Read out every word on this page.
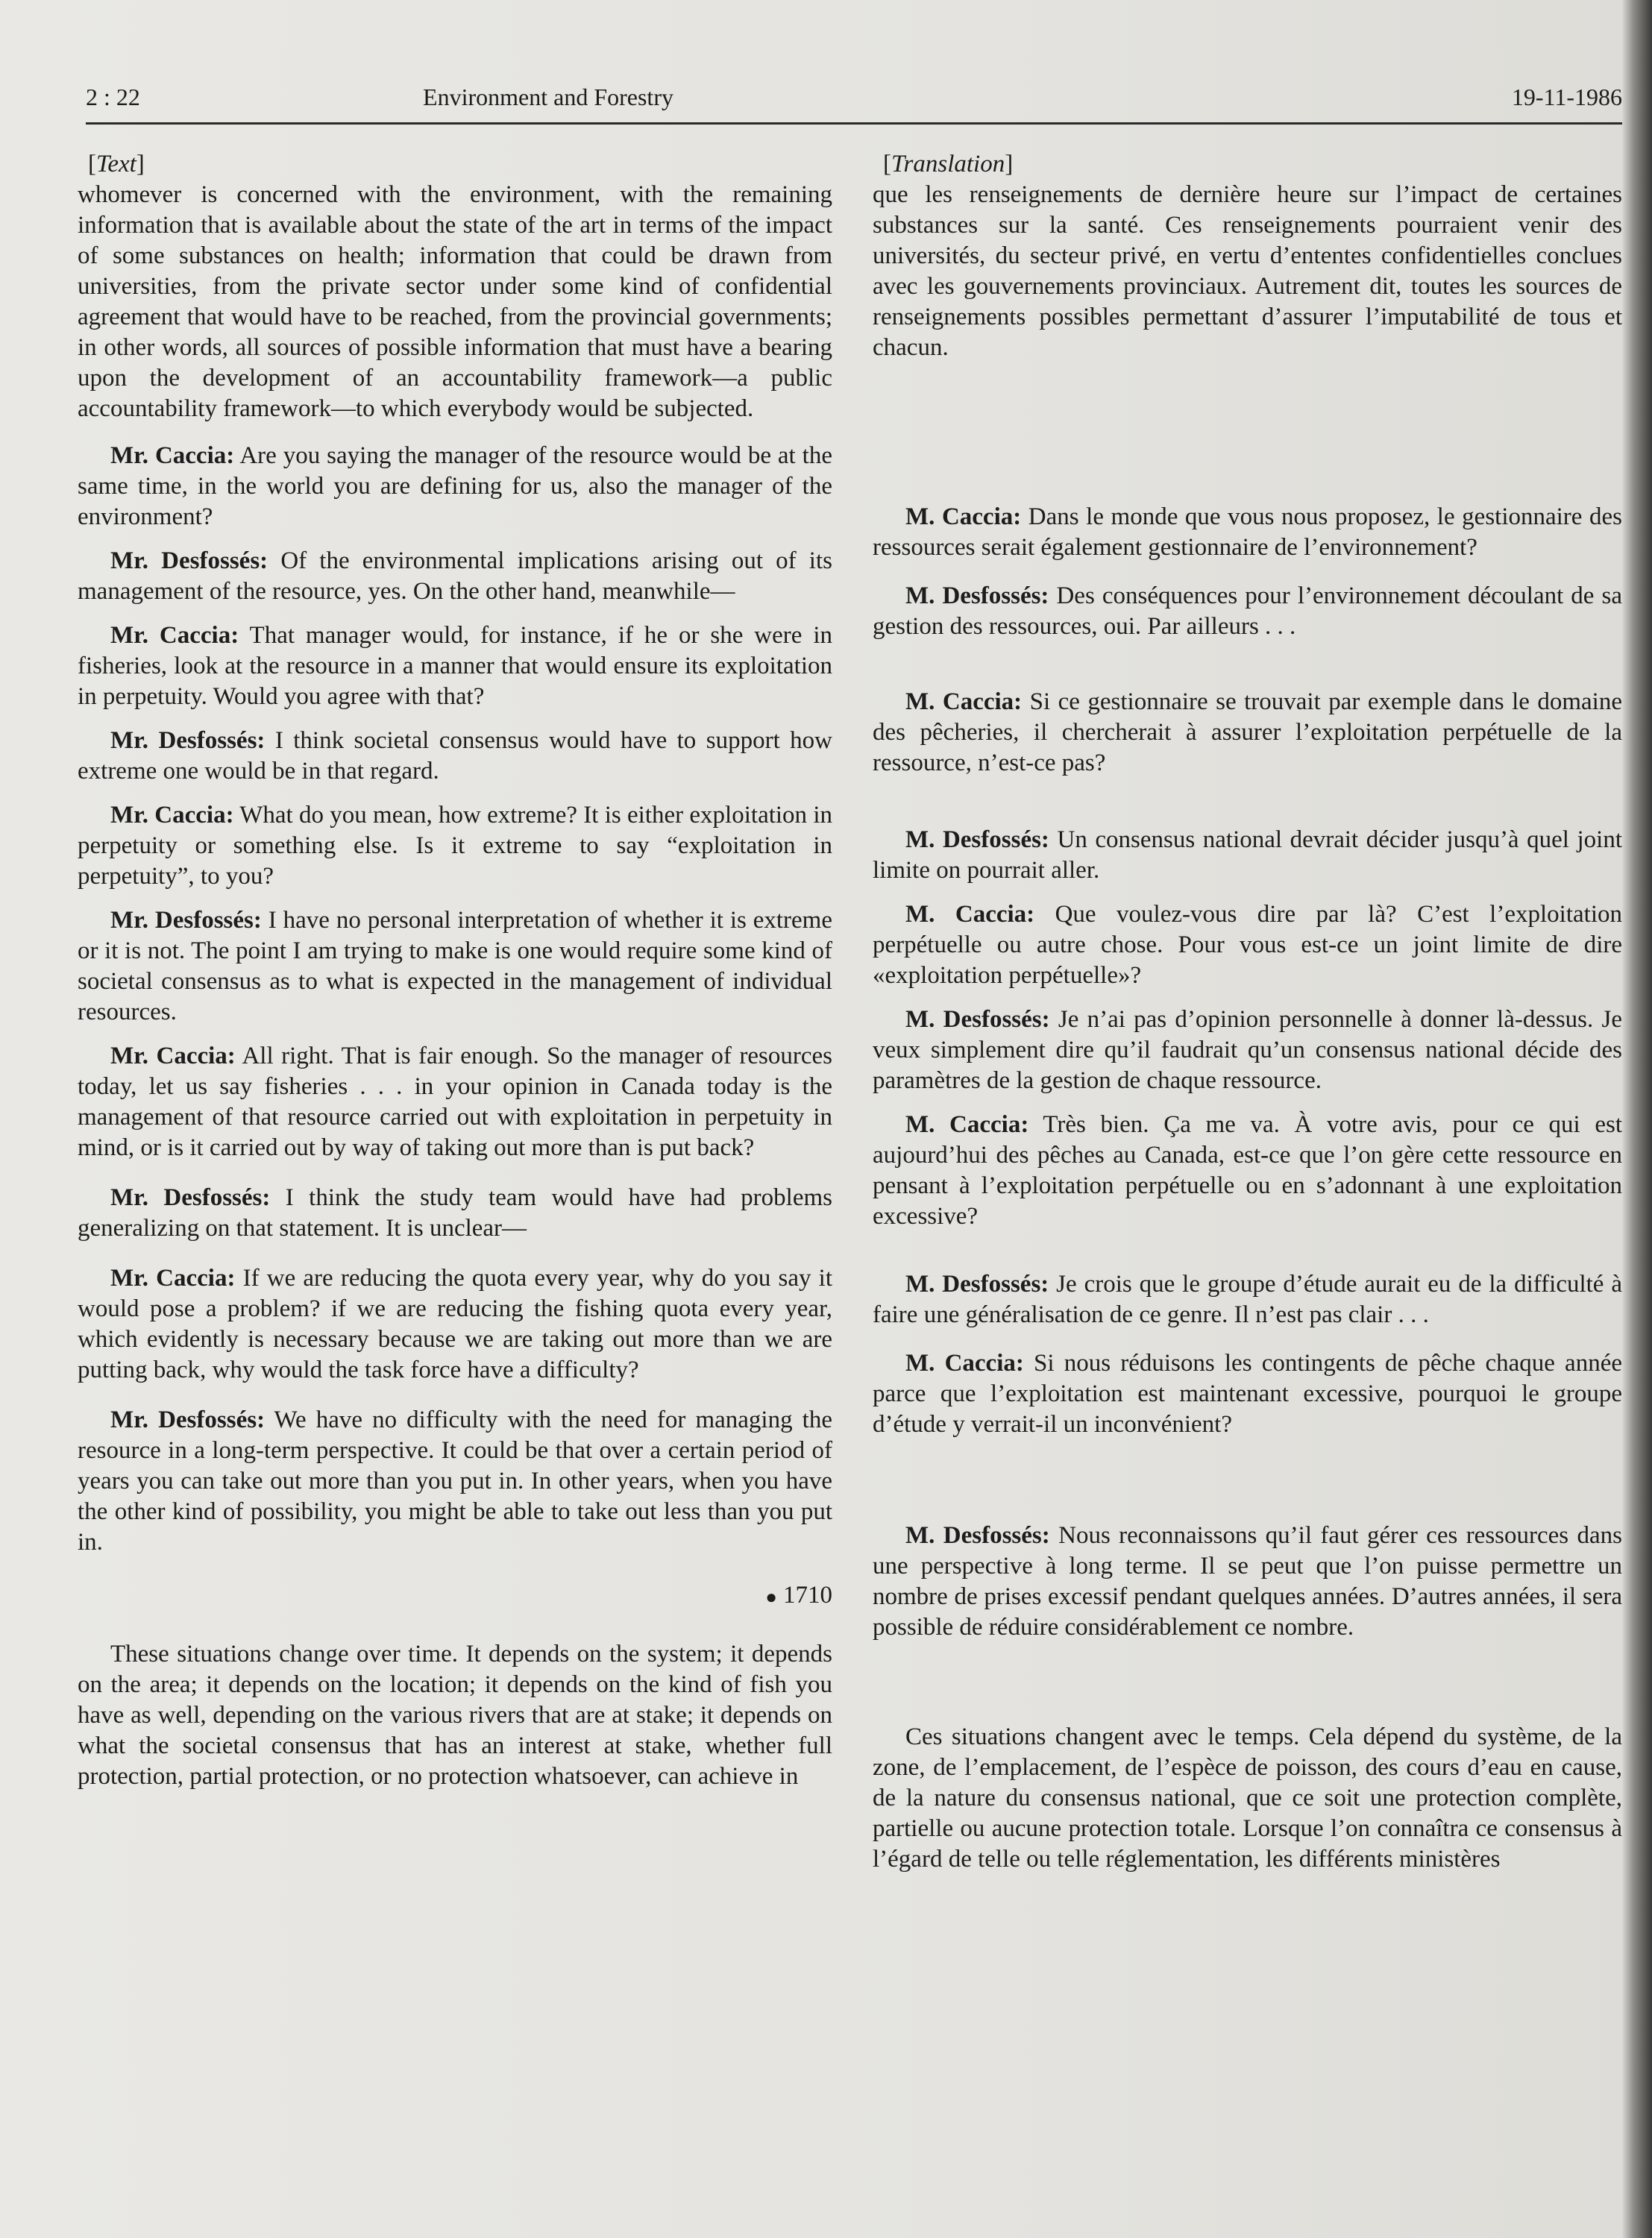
2 : 22	Environment and Forestry	19-11-1986

[Text]

whomever is concerned with the environment, with the remaining information that is available about the state of the art in terms of the impact of some substances on health; information that could be drawn from universities, from the private sector under some kind of confidential agreement that would have to be reached, from the provincial governments; in other words, all sources of possible information that must have a bearing upon the development of an accountability framework—a public accountability framework—to which everybody would be subjected.

Mr. Caccia: Are you saying the manager of the resource would be at the same time, in the world you are defining for us, also the manager of the environment?

Mr. Desfossés: Of the environmental implications arising out of its management of the resource, yes. On the other hand, meanwhile—

Mr. Caccia: That manager would, for instance, if he or she were in fisheries, look at the resource in a manner that would ensure its exploitation in perpetuity. Would you agree with that?

Mr. Desfossés: I think societal consensus would have to support how extreme one would be in that regard.

Mr. Caccia: What do you mean, how extreme? It is either exploitation in perpetuity or something else. Is it extreme to say “exploitation in perpetuity”, to you?

Mr. Desfossés: I have no personal interpretation of whether it is extreme or it is not. The point I am trying to make is one would require some kind of societal consensus as to what is expected in the management of individual resources.

Mr. Caccia: All right. That is fair enough. So the manager of resources today, let us say fisheries . . . in your opinion in Canada today is the management of that resource carried out with exploitation in perpetuity in mind, or is it carried out by way of taking out more than is put back?

Mr. Desfossés: I think the study team would have had problems generalizing on that statement. It is unclear—

Mr. Caccia: If we are reducing the quota every year, why do you say it would pose a problem? if we are reducing the fishing quota every year, which evidently is necessary because we are taking out more than we are putting back, why would the task force have a difficulty?

Mr. Desfossés: We have no difficulty with the need for managing the resource in a long-term perspective. It could be that over a certain period of years you can take out more than you put in. In other years, when you have the other kind of possibility, you might be able to take out less than you put in.

● 1710

These situations change over time. It depends on the system; it depends on the area; it depends on the location; it depends on the kind of fish you have as well, depending on the various rivers that are at stake; it depends on what the societal consensus that has an interest at stake, whether full protection, partial protection, or no protection whatsoever, can achieve in

[Translation]

que les renseignements de dernière heure sur l’impact de certaines substances sur la santé. Ces renseignements pourraient venir des universités, du secteur privé, en vertu d’ententes confidentielles conclues avec les gouvernements provinciaux. Autrement dit, toutes les sources de renseignements possibles permettant d’assurer l’imputabilité de tous et chacun.

M. Caccia: Dans le monde que vous nous proposez, le gestionnaire des ressources serait également gestionnaire de l’environnement?

M. Desfossés: Des conséquences pour l’environnement découlant de sa gestion des ressources, oui. Par ailleurs . . .

M. Caccia: Si ce gestionnaire se trouvait par exemple dans le domaine des pêcheries, il chercherait à assurer l’exploitation perpétuelle de la ressource, n’est-ce pas?

M. Desfossés: Un consensus national devrait décider jusqu’à quel joint limite on pourrait aller.

M. Caccia: Que voulez-vous dire par là? C’est l’exploitation perpétuelle ou autre chose. Pour vous est-ce un joint limite de dire «exploitation perpétuelle»?

M. Desfossés: Je n’ai pas d’opinion personnelle à donner là-dessus. Je veux simplement dire qu’il faudrait qu’un consensus national décide des paramètres de la gestion de chaque ressource.

M. Caccia: Très bien. Ça me va. À votre avis, pour ce qui est aujourd’hui des pêches au Canada, est-ce que l’on gère cette ressource en pensant à l’exploitation perpétuelle ou en s’adonnant à une exploitation excessive?

M. Desfossés: Je crois que le groupe d’étude aurait eu de la difficulté à faire une généralisation de ce genre. Il n’est pas clair . . .

M. Caccia: Si nous réduisons les contingents de pêche chaque année parce que l’exploitation est maintenant excessive, pourquoi le groupe d’étude y verrait-il un inconvénient?

M. Desfossés: Nous reconnaissons qu’il faut gérer ces ressources dans une perspective à long terme. Il se peut que l’on puisse permettre un nombre de prises excessif pendant quelques années. D’autres années, il sera possible de réduire considérablement ce nombre.

Ces situations changent avec le temps. Cela dépend du système, de la zone, de l’emplacement, de l’espèce de poisson, des cours d’eau en cause, de la nature du consensus national, que ce soit une protection complète, partielle ou aucune protection totale. Lorsque l’on connaîtra ce consensus à l’égard de telle ou telle réglementation, les différents ministères
